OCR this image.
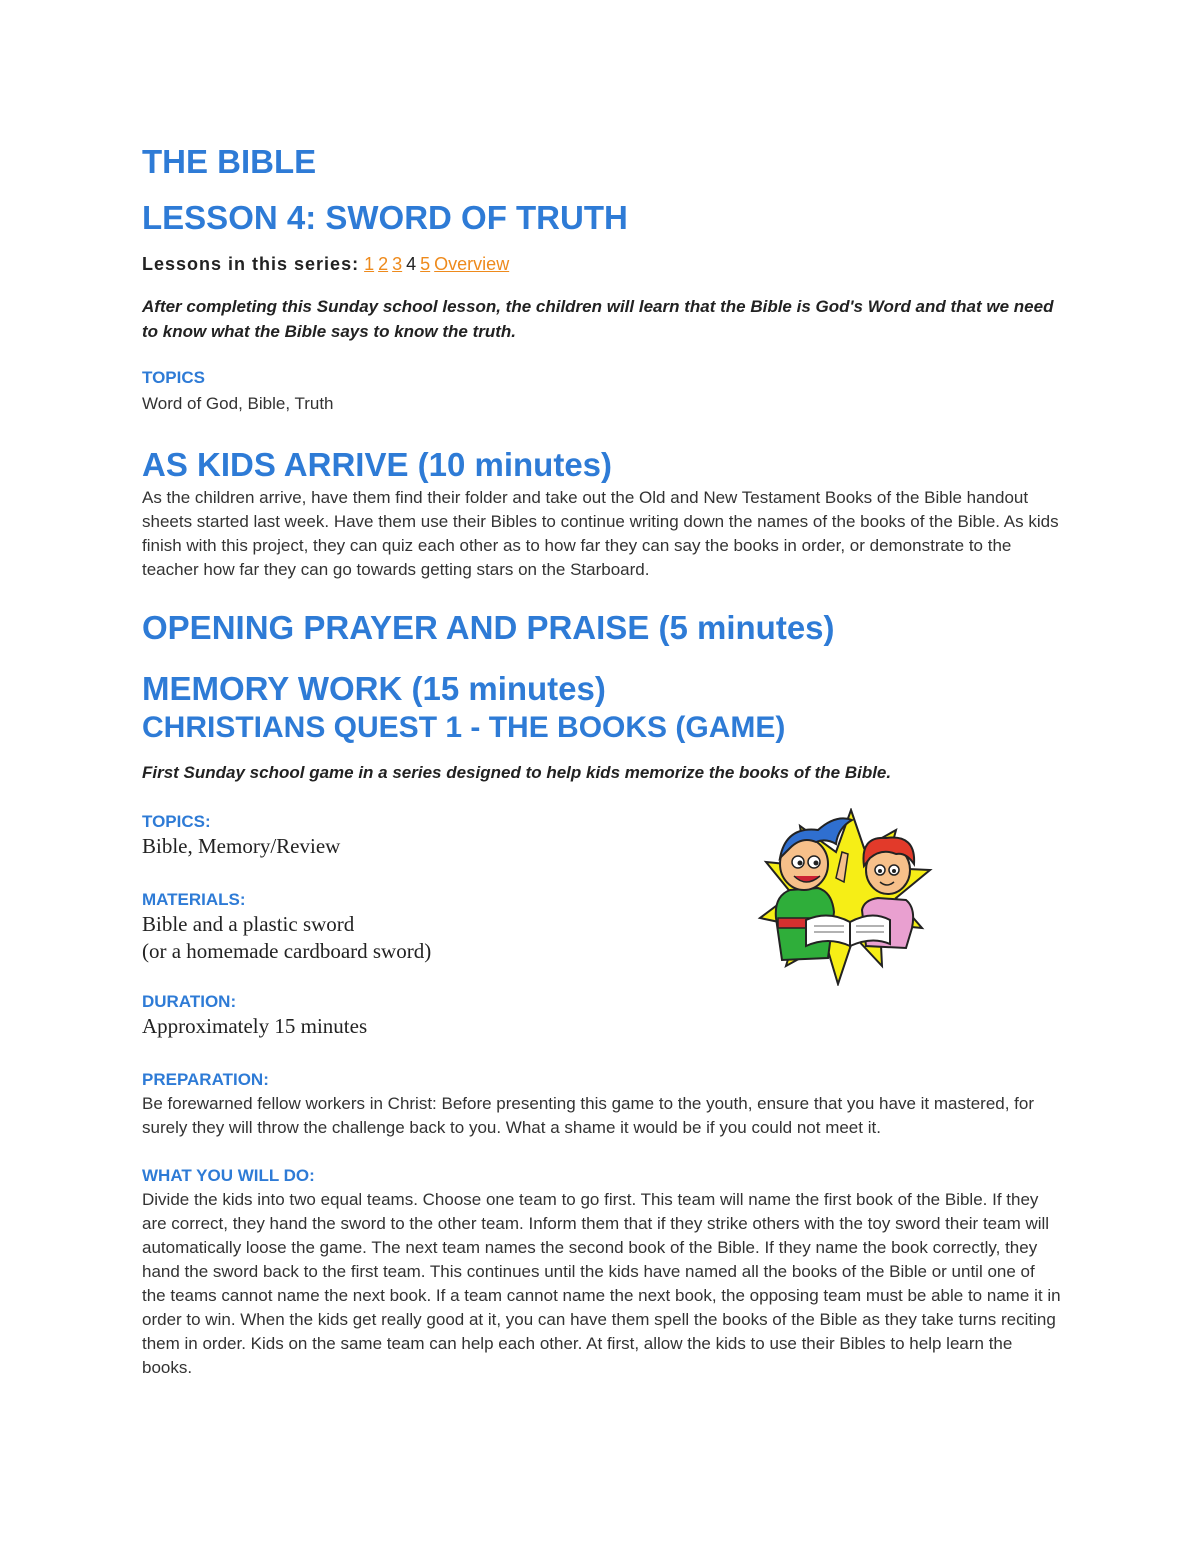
THE BIBLE
LESSON 4: SWORD OF TRUTH
Lessons in this series: 1 2 3 4 5 Overview

After completing this Sunday school lesson, the children will learn that the Bible is God's Word and that we need to know what the Bible says to know the truth.

TOPICS
Word of God, Bible, Truth
AS KIDS ARRIVE (10 minutes)

As the children arrive, have them find their folder and take out the Old and New Testament Books of the Bible handout sheets started last week. Have them use their Bibles to continue writing down the names of the books of the Bible. As kids finish with this project, they can quiz each other as to how far they can say the books in order, or demonstrate to the teacher how far they can go towards getting stars on the Starboard.

OPENING PRAYER AND PRAISE (5 minutes)
MEMORY WORK (15 minutes)
CHRISTIANS QUEST 1 - THE BOOKS (GAME)

First Sunday school game in a series designed to help kids memorize the books of the Bible.

TOPICS:
Bible, Memory/Review
MATERIALS:
Bible and a plastic sword
(or a homemade cardboard sword)
DURATION:
Approximately 15 minutes
PREPARATION:

Be forewarned fellow workers in Christ: Before presenting this game to the youth, ensure that you have it mastered, for surely they will throw the challenge back to you. What a shame it would be if you could not meet it.

WHAT YOU WILL DO:

Divide the kids into two equal teams. Choose one team to go first. This team will name the first book of the Bible. If they are correct, they hand the sword to the other team. Inform them that if they strike others with the toy sword their team will automatically loose the game. The next team names the second book of the Bible. If they name the book correctly, they hand the sword back to the first team. This continues until the kids have named all the books of the Bible or until one of the teams cannot name the next book. If a team cannot name the next book, the opposing team must be able to name it in order to win. When the kids get really good at it, you can have them spell the books of the Bible as they take turns reciting them in order. Kids on the same team can help each other. At first, allow the kids to use their Bibles to help learn the books.
